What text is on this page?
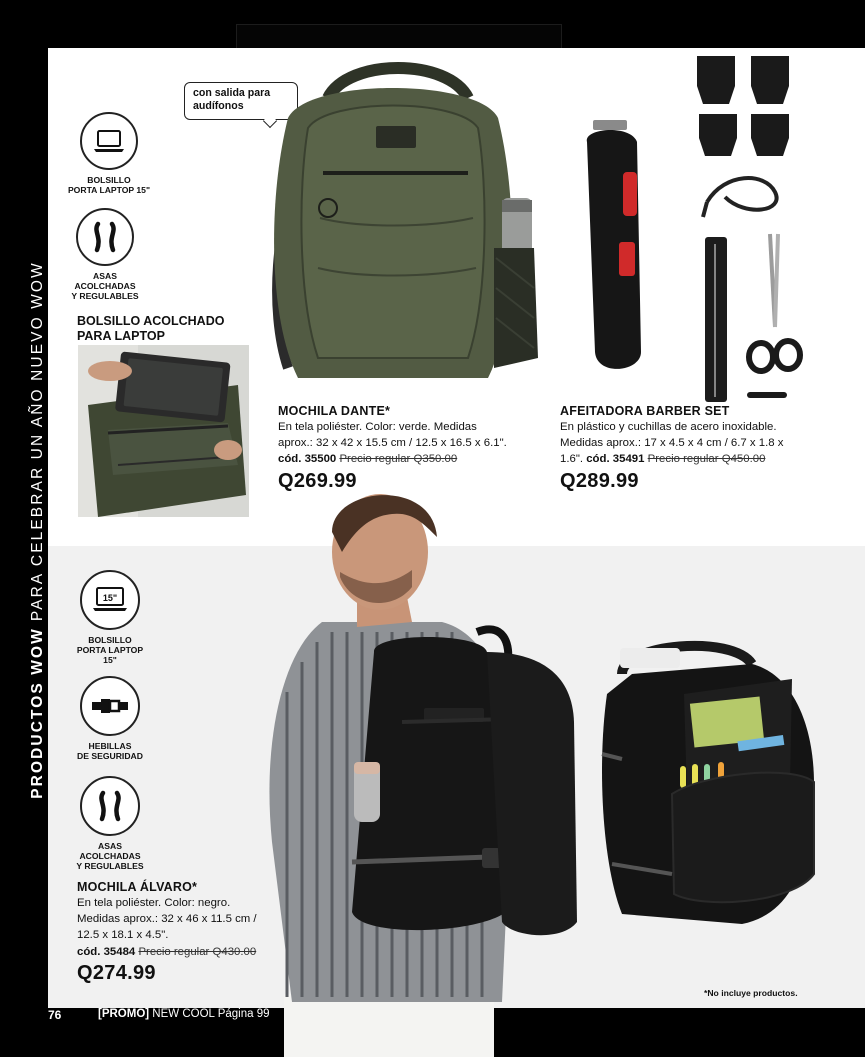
PRODUCTOS WOW
PARA CELEBRAR UN AÑO NUEVO WOW
BOLSILLO
PORTA LAPTOP 15"
ASAS
ACOLCHADAS
Y REGULABLES
BOLSILLO ACOLCHADO
PARA LAPTOP
con salida para
audífonos
MOCHILA DANTE*
En tela poliéster. Color: verde. Medidas
aprox.: 32 x 42 x 15.5 cm / 12.5 x 16.5 x 6.1".
cód. 35500 Precio regular Q350.00
Q269.99
AFEITADORA BARBER SET
En plástico y cuchillas de acero inoxidable.
Medidas aprox.: 17 x 4.5 x 4 cm / 6.7 x 1.8 x
1.6". cód. 35491 Precio regular Q450.00
Q289.99
15"
BOLSILLO
PORTA LAPTOP
15"
HEBILLAS
DE SEGURIDAD
ASAS
ACOLCHADAS
Y REGULABLES
MOCHILA ÁLVARO*
En tela poliéster. Color: negro.
Medidas aprox.: 32 x 46 x 11.5 cm /
12.5 x 18.1 x 4.5".
cód. 35484 Precio regular Q430.00
Q274.99
*No incluye productos.
76	[PROMO] NEW COOL Página 99
